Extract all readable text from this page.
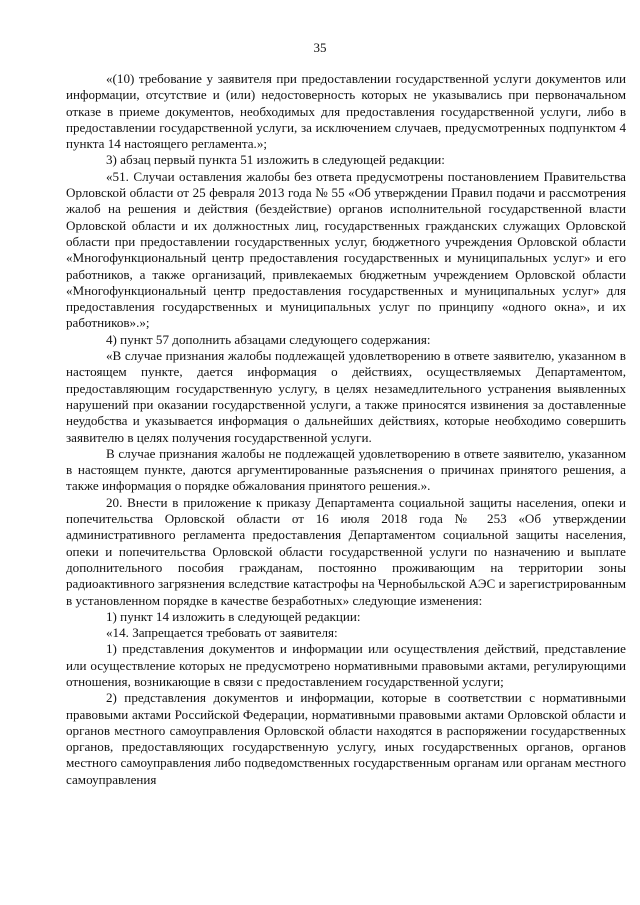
35

«(10) требование у заявителя при предоставлении государственной услуги документов или информации, отсутствие и (или) недостоверность которых не указывались при первоначальном отказе в приеме документов, необходимых для предоставления государственной услуги, либо в предоставлении государственной услуги, за исключением случаев, предусмотренных подпунктом 4 пункта 14 настоящего регламента.»;

3) абзац первый пункта 51 изложить в следующей редакции:

«51. Случаи оставления жалобы без ответа предусмотрены постановлением Правительства Орловской области от 25 февраля 2013 года № 55 «Об утверждении Правил подачи и рассмотрения жалоб на решения и действия (бездействие) органов исполнительной государственной власти Орловской области и их должностных лиц, государственных гражданских служащих Орловской области при предоставлении государственных услуг, бюджетного учреждения Орловской области «Многофункциональный центр предоставления государственных и муниципальных услуг» и его работников, а также организаций, привлекаемых бюджетным учреждением Орловской области «Многофункциональный центр предоставления государственных и муниципальных услуг» для предоставления государственных и муниципальных услуг по принципу «одного окна», и их работников».»;

4) пункт 57 дополнить абзацами следующего содержания:

«В случае признания жалобы подлежащей удовлетворению в ответе заявителю, указанном в настоящем пункте, дается информация о действиях, осуществляемых Департаментом, предоставляющим государственную услугу, в целях незамедлительного устранения выявленных нарушений при оказании государственной услуги, а также приносятся извинения за доставленные неудобства и указывается информация о дальнейших действиях, которые необходимо совершить заявителю в целях получения государственной услуги.

В случае признания жалобы не подлежащей удовлетворению в ответе заявителю, указанном в настоящем пункте, даются аргументированные разъяснения о причинах принятого решения, а также информация о порядке обжалования принятого решения.».

20. Внести в приложение к приказу Департамента социальной защиты населения, опеки и попечительства Орловской области от 16 июля 2018 года № 253 «Об утверждении административного регламента предоставления Департаментом социальной защиты населения, опеки и попечительства Орловской области государственной услуги по назначению и выплате дополнительного пособия гражданам, постоянно проживающим на территории зоны радиоактивного загрязнения вследствие катастрофы на Чернобыльской АЭС и зарегистрированным в установленном порядке в качестве безработных» следующие изменения:

1) пункт 14 изложить в следующей редакции:

«14. Запрещается требовать от заявителя:

1) представления документов и информации или осуществления действий, представление или осуществление которых не предусмотрено нормативными правовыми актами, регулирующими отношения, возникающие в связи с предоставлением государственной услуги;

2) представления документов и информации, которые в соответствии с нормативными правовыми актами Российской Федерации, нормативными правовыми актами Орловской области и органов местного самоуправления Орловской области находятся в распоряжении государственных органов, предоставляющих государственную услугу, иных государственных органов, органов местного самоуправления либо подведомственных государственным органам или органам местного самоуправления
